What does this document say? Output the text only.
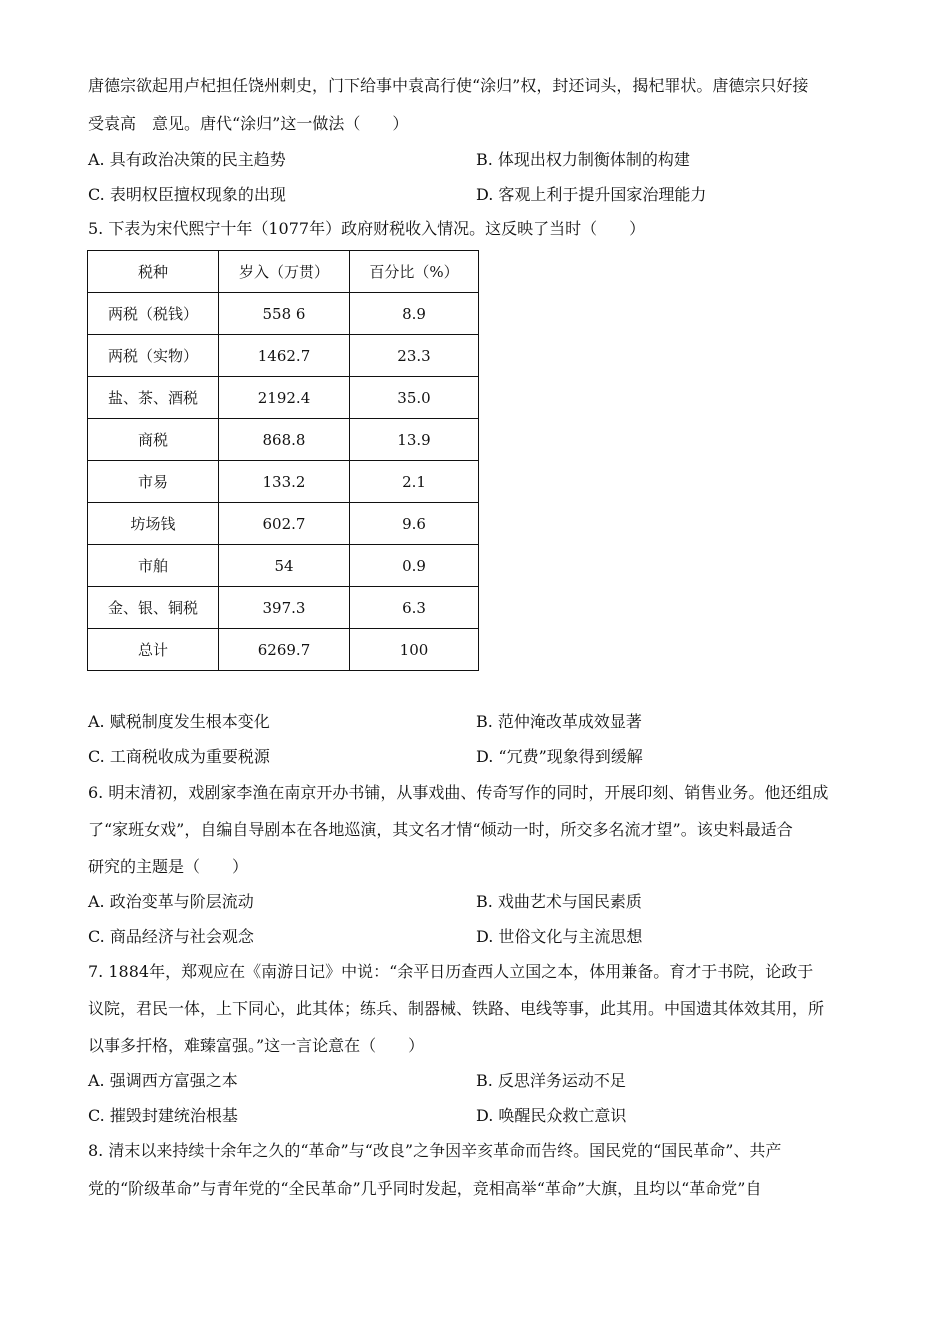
唐德宗欲起用卢杞担任饶州刺史，门下给事中袁高行使“涂归”权，封还词头，揭杞罪状。唐德宗只好接
受袁高　意见。唐代“涂归”这一做法（　　）
A. 具有政治决策的民主趋势	B. 体现出权力制衡体制的构建
C. 表明权臣擅权现象的出现	D. 客观上利于提升国家治理能力
5. 下表为宋代熙宁十年（1077年）政府财税收入情况。这反映了当时（　　）
税种	岁入（万贯）	百分比（%）
两税（税钱）	558 6	8.9
两税（实物）	1462.7	23.3
盐、茶、酒税	2192.4	35.0
商税	868.8	13.9
市易	133.2	2.1
坊场钱	602.7	9.6
市舶	54	0.9
金、银、铜税	397.3	6.3
总计	6269.7	100
A. 赋税制度发生根本变化	B. 范仲淹改革成效显著
C. 工商税收成为重要税源	D. “冗费”现象得到缓解
6. 明末清初，戏剧家李渔在南京开办书铺，从事戏曲、传奇写作的同时，开展印刻、销售业务。他还组成
了“家班女戏”，自编自导剧本在各地巡演，其文名才情“倾动一时，所交多名流才望”。该史料最适合
研究的主题是（　　）
A. 政治变革与阶层流动	B. 戏曲艺术与国民素质
C. 商品经济与社会观念	D. 世俗文化与主流思想
7. 1884年，郑观应在《南游日记》中说：“余平日历查西人立国之本，体用兼备。育才于书院，论政于
议院，君民一体，上下同心，此其体；练兵、制器械、铁路、电线等事，此其用。中国遗其体效其用，所
以事多扞格，难臻富强。”这一言论意在（　　）
A. 强调西方富强之本	B. 反思洋务运动不足
C. 摧毁封建统治根基	D. 唤醒民众救亡意识
8. 清末以来持续十余年之久的“革命”与“改良”之争因辛亥革命而告终。国民党的“国民革命”、共产
党的“阶级革命”与青年党的“全民革命”几乎同时发起，竞相高举“革命”大旗，且均以“革命党”自
